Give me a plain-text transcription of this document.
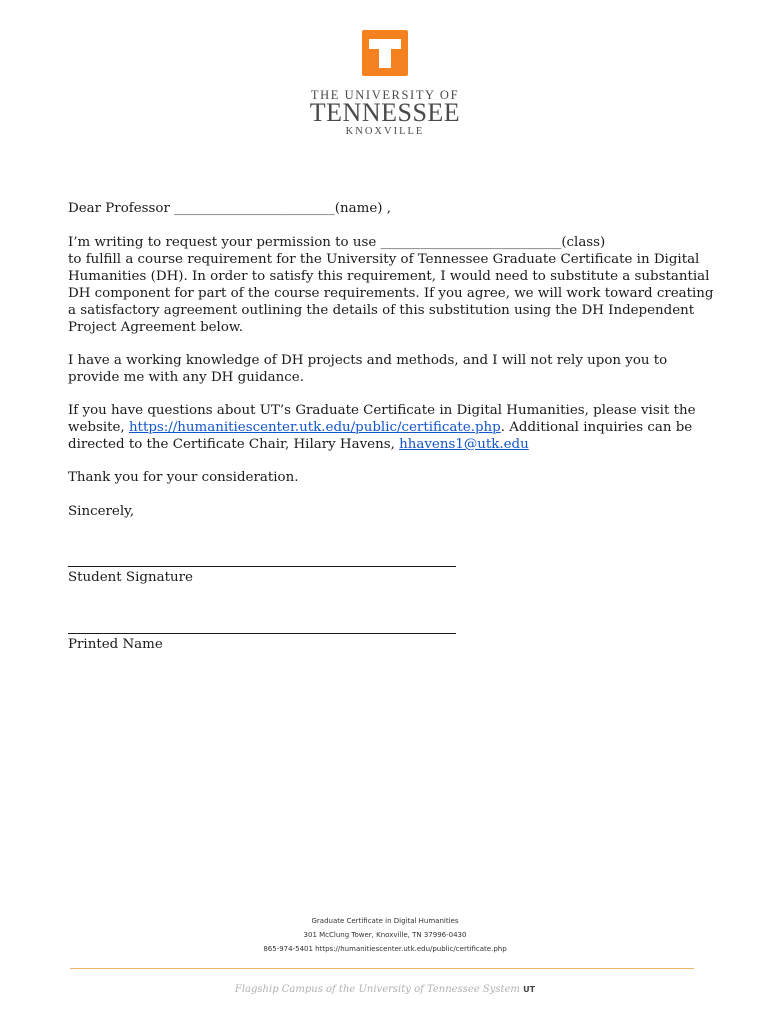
THE UNIVERSITY OF
TENNESSEE
KNOXVILLE
Dear Professor ________________________(name) ,
I’m writing to request your permission to use ___________________________(class)
to fulfill a course requirement for the University of Tennessee Graduate Certificate in Digital
Humanities (DH). In order to satisfy this requirement, I would need to substitute a substantial
DH component for part of the course requirements. If you agree, we will work toward creating
a satisfactory agreement outlining the details of this substitution using the DH Independent
Project Agreement below.
I have a working knowledge of DH projects and methods, and I will not rely upon you to
provide me with any DH guidance.
If you have questions about UT’s Graduate Certificate in Digital Humanities, please visit the
website, https://humanitiescenter.utk.edu/public/certificate.php. Additional inquiries can be
directed to the Certificate Chair, Hilary Havens, hhavens1@utk.edu
Thank you for your consideration.
Sincerely,
Student Signature
Printed Name
Graduate Certificate in Digital Humanities
301 McClung Tower, Knoxville, TN 37996-0430
865-974-5401 https://humanitiescenter.utk.edu/public/certificate.php
Flagship Campus of the University of Tennessee System UT
